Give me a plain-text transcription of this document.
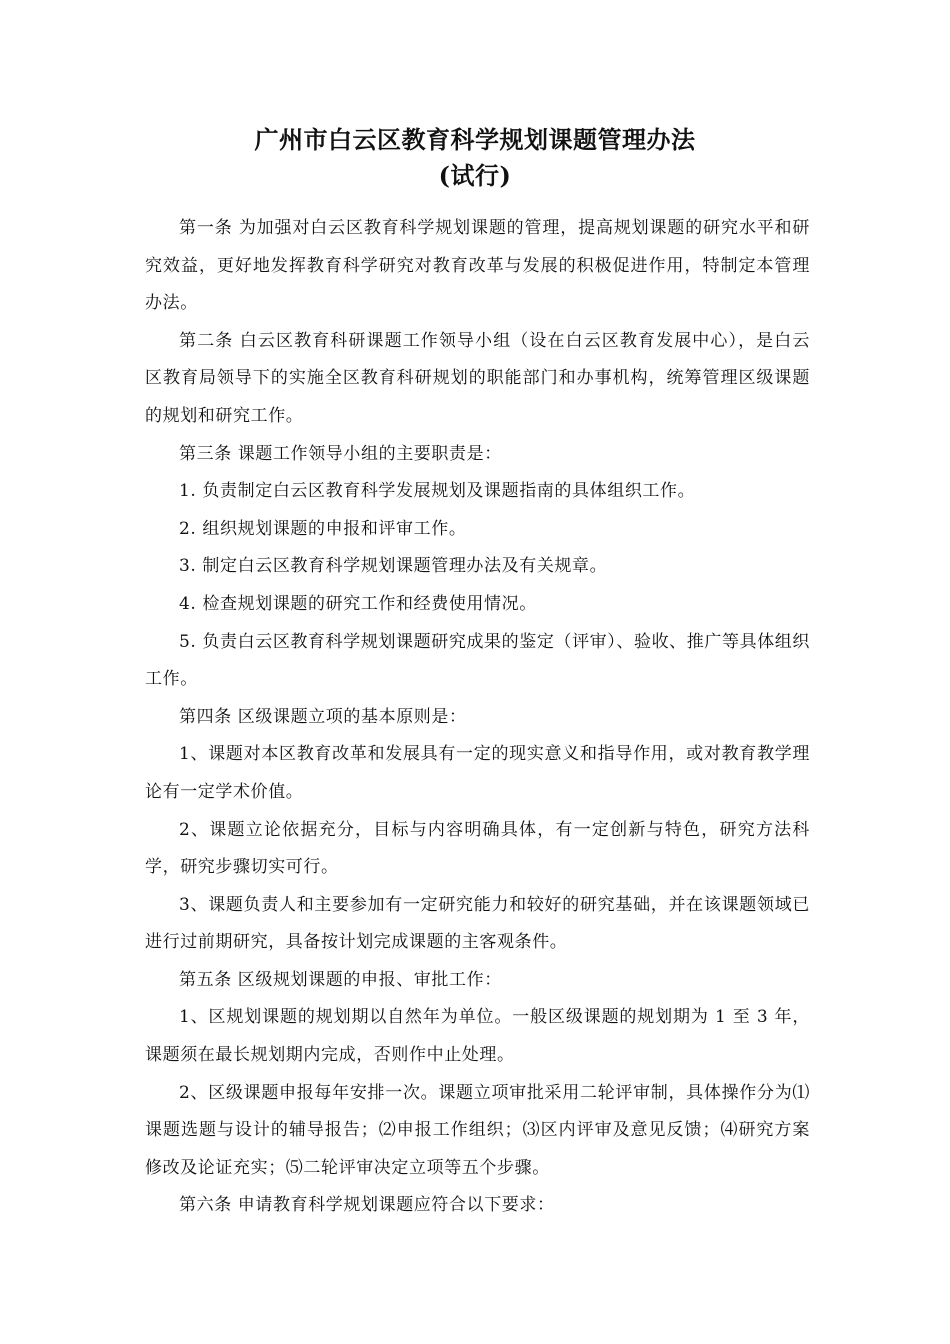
广州市白云区教育科学规划课题管理办法
(试行)

第一条 为加强对白云区教育科学规划课题的管理，提高规划课题的研究水平和研究效益，更好地发挥教育科学研究对教育改革与发展的积极促进作用，特制定本管理办法。

第二条 白云区教育科研课题工作领导小组（设在白云区教育发展中心），是白云区教育局领导下的实施全区教育科研规划的职能部门和办事机构，统筹管理区级课题的规划和研究工作。

第三条 课题工作领导小组的主要职责是：

1. 负责制定白云区教育科学发展规划及课题指南的具体组织工作。

2. 组织规划课题的申报和评审工作。

3. 制定白云区教育科学规划课题管理办法及有关规章。

4. 检查规划课题的研究工作和经费使用情况。

5. 负责白云区教育科学规划课题研究成果的鉴定（评审）、验收、推广等具体组织工作。

第四条 区级课题立项的基本原则是：

1、课题对本区教育改革和发展具有一定的现实意义和指导作用，或对教育教学理论有一定学术价值。

2、课题立论依据充分，目标与内容明确具体，有一定创新与特色，研究方法科学，研究步骤切实可行。

3、课题负责人和主要参加有一定研究能力和较好的研究基础，并在该课题领域已进行过前期研究，具备按计划完成课题的主客观条件。

第五条 区级规划课题的申报、审批工作：

1、区规划课题的规划期以自然年为单位。一般区级课题的规划期为 1 至 3 年，课题须在最长规划期内完成，否则作中止处理。

2、区级课题申报每年安排一次。课题立项审批采用二轮评审制，具体操作分为⑴课题选题与设计的辅导报告；⑵申报工作组织；⑶区内评审及意见反馈；⑷研究方案修改及论证充实；⑸二轮评审决定立项等五个步骤。

第六条 申请教育科学规划课题应符合以下要求：
